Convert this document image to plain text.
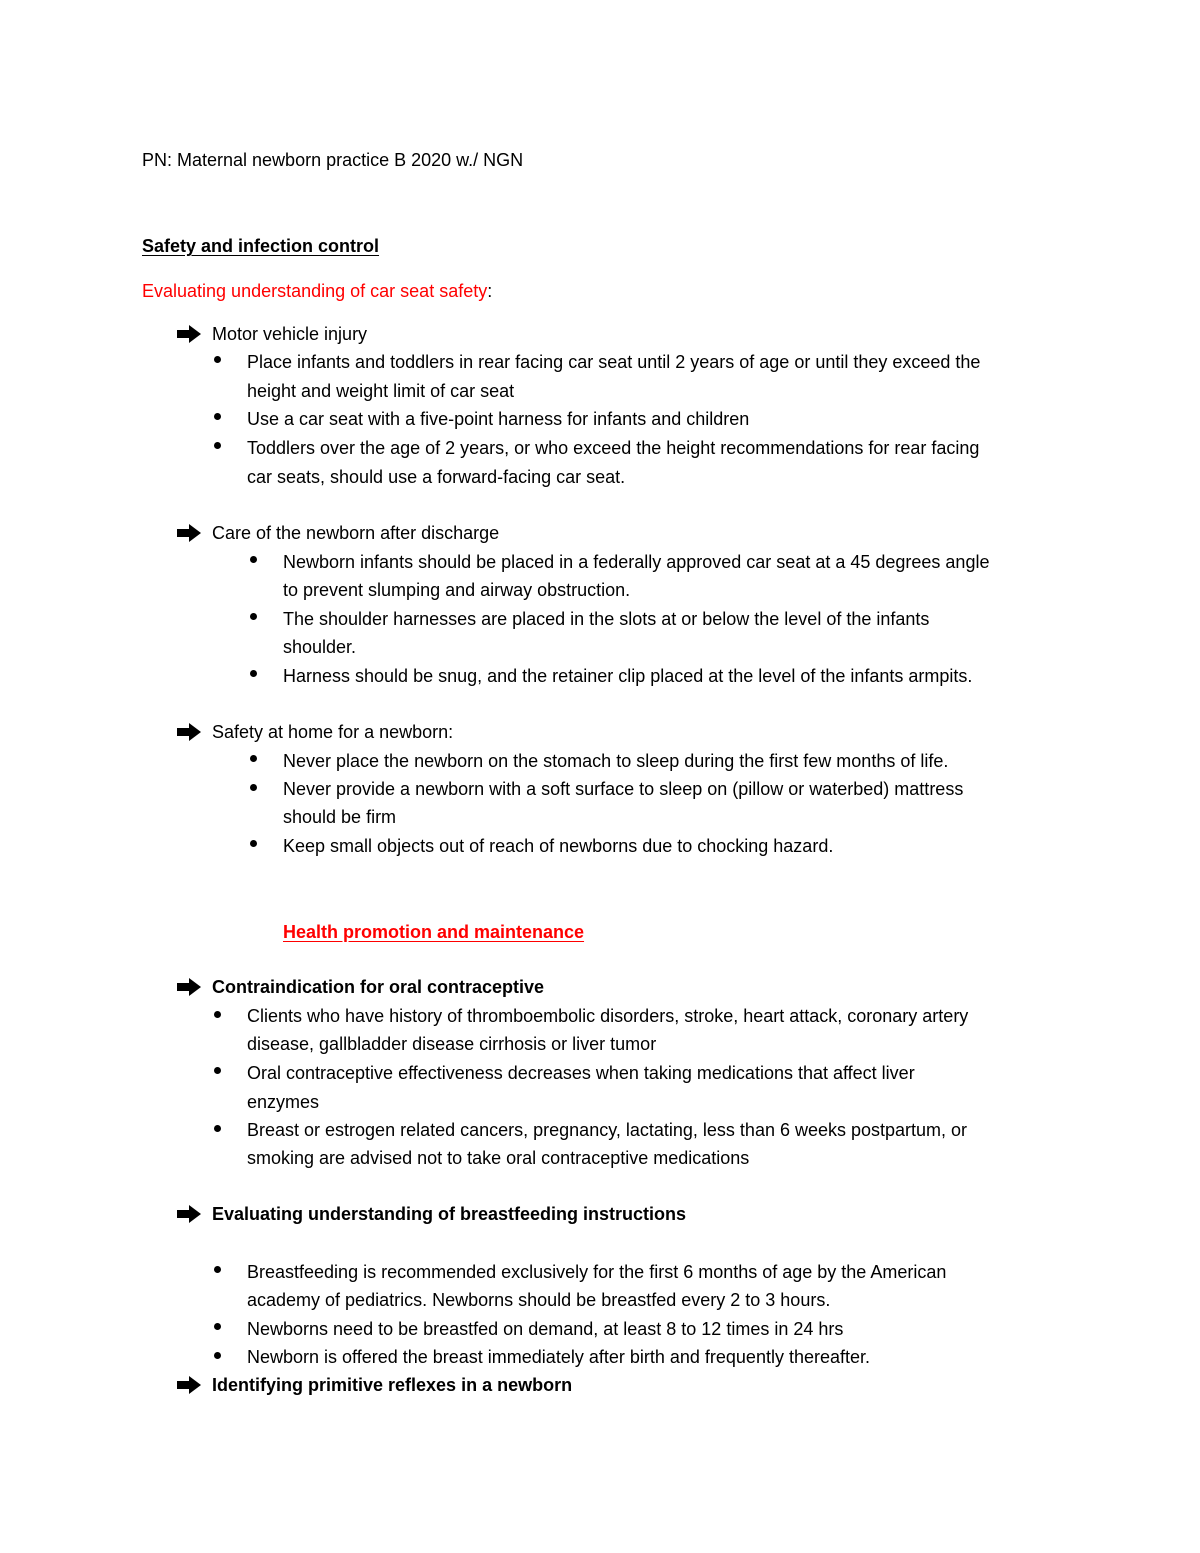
PN: Maternal newborn practice B 2020 w./ NGN

Safety and infection control

Evaluating understanding of car seat safety:

Motor vehicle injury

Place infants and toddlers in rear facing car seat until 2 years of age or until they exceed the

height and weight limit of car seat

Use a car seat with a five-point harness for infants and children

Toddlers over the age of 2 years, or who exceed the height recommendations for rear facing

car seats, should use a forward-facing car seat.

Care of the newborn after discharge

Newborn infants should be placed in a federally approved car seat at a 45 degrees angle

to prevent slumping and airway obstruction.

The shoulder harnesses are placed in the slots at or below the level of the infants

shoulder.

Harness should be snug, and the retainer clip placed at the level of the infants armpits.

Safety at home for a newborn:

Never place the newborn on the stomach to sleep during the first few months of life.

Never provide a newborn with a soft surface to sleep on (pillow or waterbed) mattress

should be firm

Keep small objects out of reach of newborns due to chocking hazard.

Health promotion and maintenance

Contraindication for oral contraceptive

Clients who have history of thromboembolic disorders, stroke, heart attack, coronary artery

disease, gallbladder disease cirrhosis or liver tumor

Oral contraceptive effectiveness decreases when taking medications that affect liver

enzymes

Breast or estrogen related cancers, pregnancy, lactating, less than 6 weeks postpartum, or

smoking are advised not to take oral contraceptive medications

Evaluating understanding of breastfeeding instructions

Breastfeeding is recommended exclusively for the first 6 months of age by the American

academy of pediatrics. Newborns should be breastfed every 2 to 3 hours.

Newborns need to be breastfed on demand, at least 8 to 12 times in 24 hrs

Newborn is offered the breast immediately after birth and frequently thereafter.

Identifying primitive reflexes in a newborn
